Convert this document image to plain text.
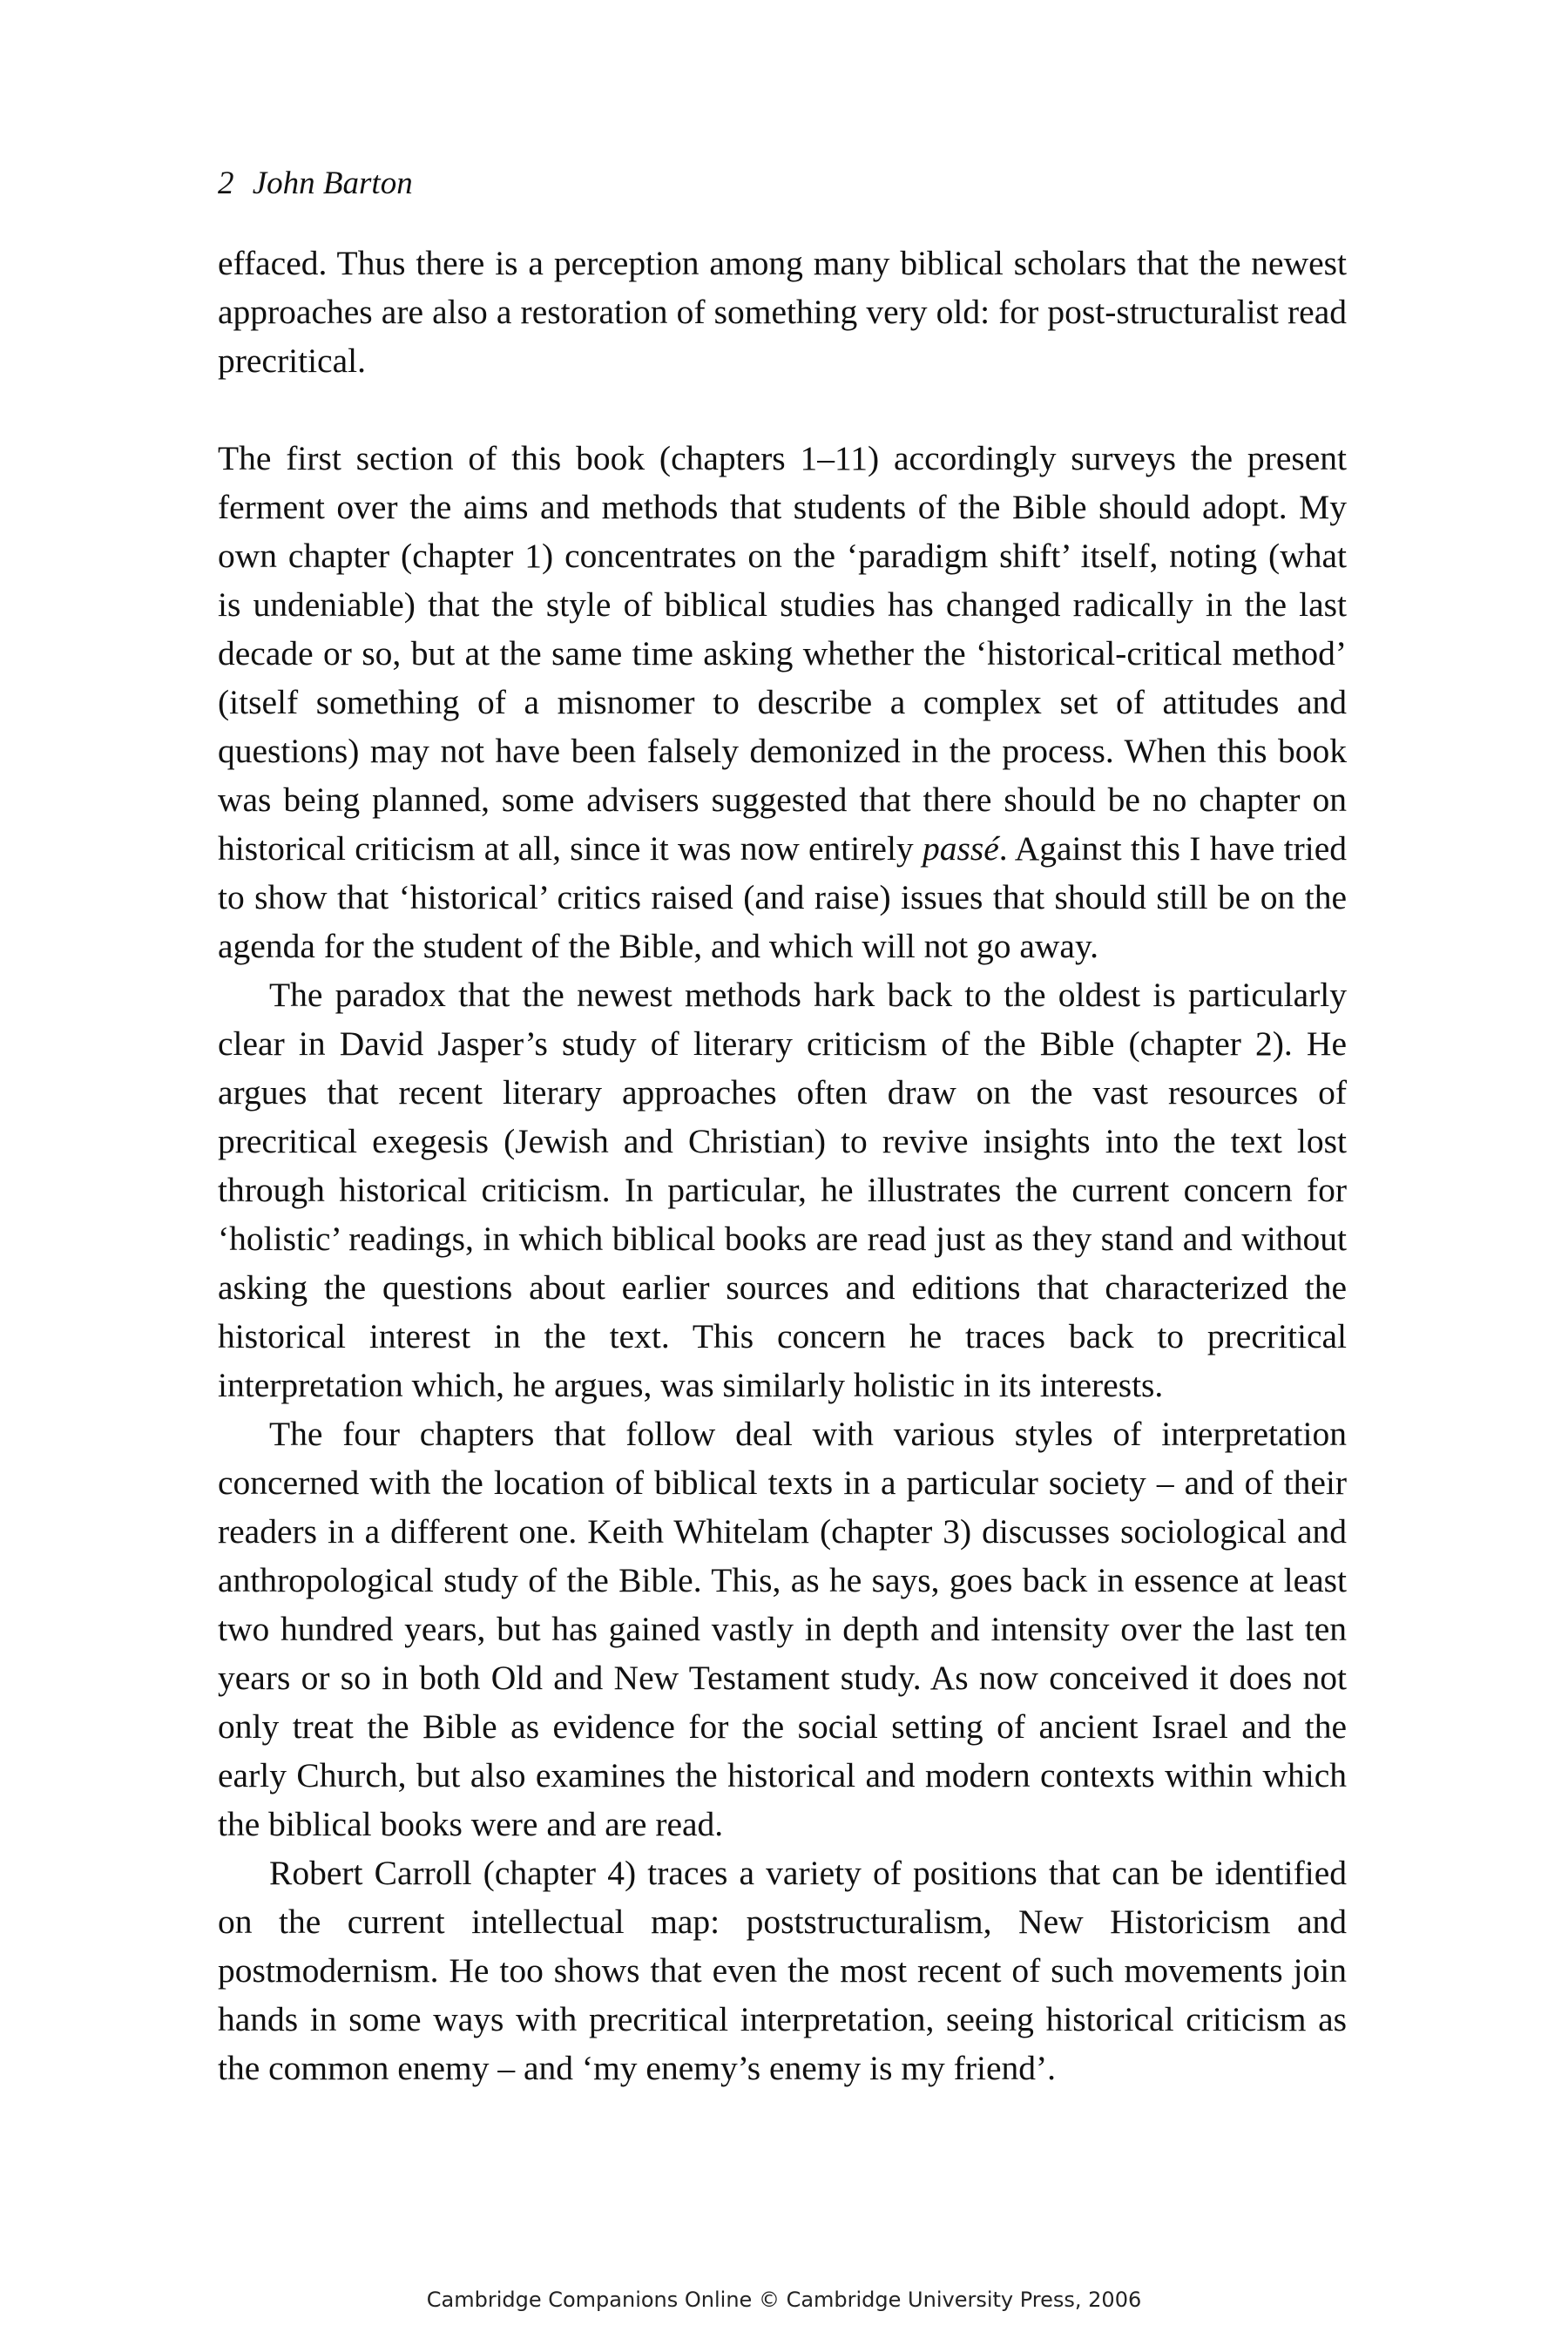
2 John Barton

effaced. Thus there is a perception among many biblical scholars that the newest approaches are also a restoration of something very old: for post-structuralist read precritical.

The first section of this book (chapters 1–11) accordingly surveys the present ferment over the aims and methods that students of the Bible should adopt. My own chapter (chapter 1) concentrates on the ‘paradigm shift’ itself, noting (what is undeniable) that the style of biblical studies has changed radically in the last decade or so, but at the same time asking whether the ‘historical-critical method’ (itself something of a misnomer to describe a complex set of attitudes and questions) may not have been falsely demonized in the process. When this book was being planned, some advisers suggested that there should be no chapter on historical criticism at all, since it was now entirely passé. Against this I have tried to show that ‘historical’ critics raised (and raise) issues that should still be on the agenda for the student of the Bible, and which will not go away.

The paradox that the newest methods hark back to the oldest is particularly clear in David Jasper’s study of literary criticism of the Bible (chapter 2). He argues that recent literary approaches often draw on the vast resources of precritical exegesis (Jewish and Christian) to revive insights into the text lost through historical criticism. In particular, he illustrates the current concern for ‘holistic’ readings, in which biblical books are read just as they stand and without asking the questions about earlier sources and editions that characterized the historical interest in the text. This concern he traces back to precritical interpretation which, he argues, was similarly holistic in its interests.

The four chapters that follow deal with various styles of interpretation concerned with the location of biblical texts in a particular society – and of their readers in a different one. Keith Whitelam (chapter 3) discusses sociological and anthropological study of the Bible. This, as he says, goes back in essence at least two hundred years, but has gained vastly in depth and intensity over the last ten years or so in both Old and New Testament study. As now conceived it does not only treat the Bible as evidence for the social setting of ancient Israel and the early Church, but also examines the historical and modern contexts within which the biblical books were and are read.

Robert Carroll (chapter 4) traces a variety of positions that can be identified on the current intellectual map: poststructuralism, New Historicism and postmodernism. He too shows that even the most recent of such movements join hands in some ways with precritical interpretation, seeing historical criticism as the common enemy – and ‘my enemy’s enemy is my friend’.

Cambridge Companions Online © Cambridge University Press, 2006
